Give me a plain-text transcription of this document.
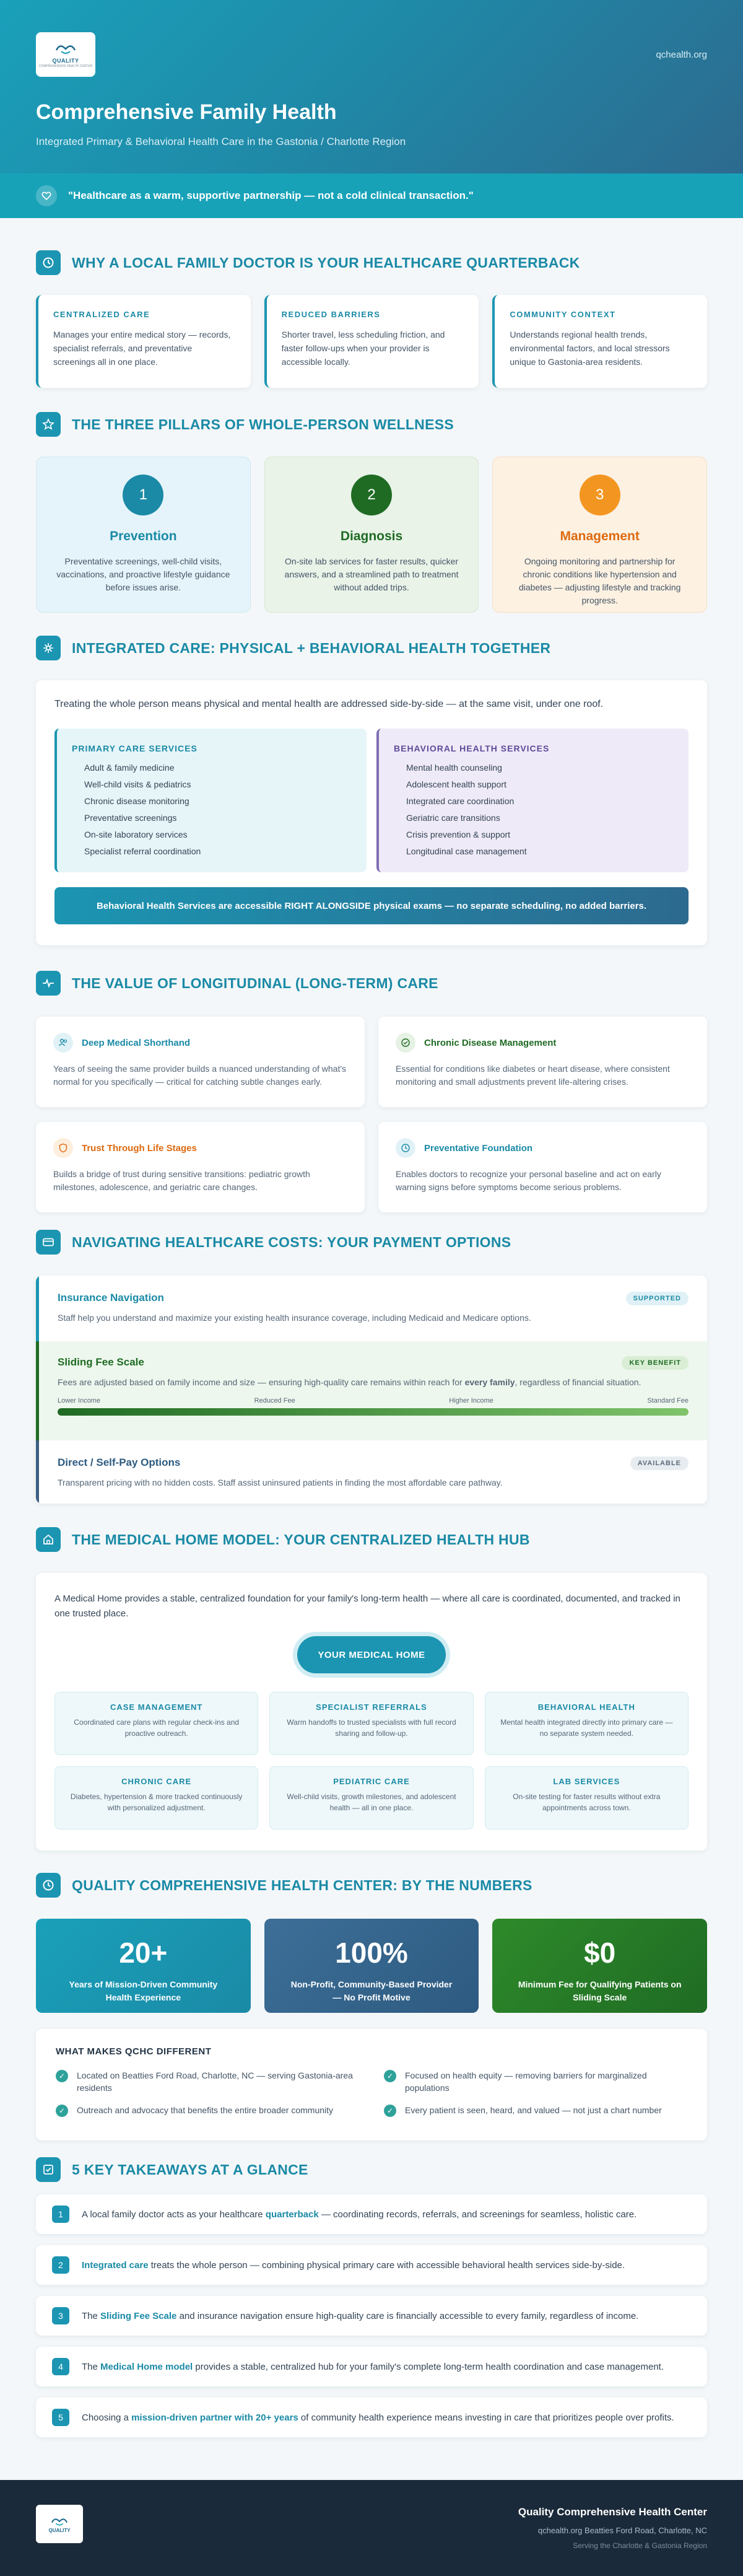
QUALITY
COMPREHENSIVE HEALTH CENTER
qchealth.org
Comprehensive Family Health
Integrated Primary & Behavioral Health Care in the Gastonia / Charlotte Region
"Healthcare as a warm, supportive partnership — not a cold clinical transaction."
WHY A LOCAL FAMILY DOCTOR IS YOUR HEALTHCARE QUARTERBACK
CENTRALIZED CARE

Manages your entire medical story — records, specialist referrals, and preventative screenings all in one place.

REDUCED BARRIERS

Shorter travel, less scheduling friction, and faster follow-ups when your provider is accessible locally.

COMMUNITY CONTEXT

Understands regional health trends, environmental factors, and local stressors unique to Gastonia-area residents.

THE THREE PILLARS OF WHOLE-PERSON WELLNESS
1
Prevention

Preventative screenings, well-child visits, vaccinations, and proactive lifestyle guidance before issues arise.

2
Diagnosis

On-site lab services for faster results, quicker answers, and a streamlined path to treatment without added trips.

3
Management

Ongoing monitoring and partnership for chronic conditions like hypertension and diabetes — adjusting lifestyle and tracking progress.

INTEGRATED CARE: PHYSICAL + BEHAVIORAL HEALTH TOGETHER
Treating the whole person means physical and mental health are addressed side-by-side — at the same visit, under one roof.
PRIMARY CARE SERVICES
Adult & family medicine
Well-child visits & pediatrics
Chronic disease monitoring
Preventative screenings
On-site laboratory services
Specialist referral coordination
BEHAVIORAL HEALTH SERVICES
Mental health counseling
Adolescent health support
Integrated care coordination
Geriatric care transitions
Crisis prevention & support
Longitudinal case management
Behavioral Health Services are accessible RIGHT ALONGSIDE physical exams — no separate scheduling, no added barriers.
THE VALUE OF LONGITUDINAL (LONG-TERM) CARE
Deep Medical Shorthand

Years of seeing the same provider builds a nuanced understanding of what's normal for you specifically — critical for catching subtle changes early.

Chronic Disease Management

Essential for conditions like diabetes or heart disease, where consistent monitoring and small adjustments prevent life-altering crises.

Trust Through Life Stages

Builds a bridge of trust during sensitive transitions: pediatric growth milestones, adolescence, and geriatric care changes.

Preventative Foundation

Enables doctors to recognize your personal baseline and act on early warning signs before symptoms become serious problems.

NAVIGATING HEALTHCARE COSTS: YOUR PAYMENT OPTIONS
Insurance Navigation

Staff help you understand and maximize your existing health insurance coverage, including Medicaid and Medicare options.

SUPPORTED
Sliding Fee Scale

Fees are adjusted based on family income and size — ensuring high-quality care remains within reach for every family, regardless of financial situation.

KEY BENEFIT
Lower Income	Reduced Fee	Higher Income	Standard Fee
Direct / Self-Pay Options

Transparent pricing with no hidden costs. Staff assist uninsured patients in finding the most affordable care pathway.

AVAILABLE
THE MEDICAL HOME MODEL: YOUR CENTRALIZED HEALTH HUB
A Medical Home provides a stable, centralized foundation for your family's long-term health — where all care is coordinated, documented, and tracked in one trusted place.
YOUR MEDICAL HOME
CASE MANAGEMENT

Coordinated care plans with regular check-ins and proactive outreach.

SPECIALIST REFERRALS

Warm handoffs to trusted specialists with full record sharing and follow-up.

BEHAVIORAL HEALTH

Mental health integrated directly into primary care — no separate system needed.

CHRONIC CARE

Diabetes, hypertension & more tracked continuously with personalized adjustment.

PEDIATRIC CARE

Well-child visits, growth milestones, and adolescent health — all in one place.

LAB SERVICES

On-site testing for faster results without extra appointments across town.

QUALITY COMPREHENSIVE HEALTH CENTER: BY THE NUMBERS
20+
Years of Mission-Driven Community Health Experience
100%
Non-Profit, Community-Based Provider — No Profit Motive
$0
Minimum Fee for Qualifying Patients on Sliding Scale
WHAT MAKES QCHC DIFFERENT
✓	Located on Beatties Ford Road, Charlotte, NC — serving Gastonia-area residents
✓	Focused on health equity — removing barriers for marginalized populations
✓	Outreach and advocacy that benefits the entire broader community	✓	Every patient is seen, heard, and valued — not just a chart number
5 KEY TAKEAWAYS AT A GLANCE
1	A local family doctor acts as your healthcare quarterback — coordinating records, referrals, and screenings for seamless, holistic care.
2	Integrated care treats the whole person — combining physical primary care with accessible behavioral health services side-by-side.
3	The Sliding Fee Scale and insurance navigation ensure high-quality care is financially accessible to every family, regardless of income.
4	The Medical Home model provides a stable, centralized hub for your family's complete long-term health coordination and case management.
5	Choosing a mission-driven partner with 20+ years of community health experience means investing in care that prioritizes people over profits.
QUALITY
Quality Comprehensive Health Center
qchealth.org Beatties Ford Road, Charlotte, NC
Serving the Charlotte & Gastonia Region
